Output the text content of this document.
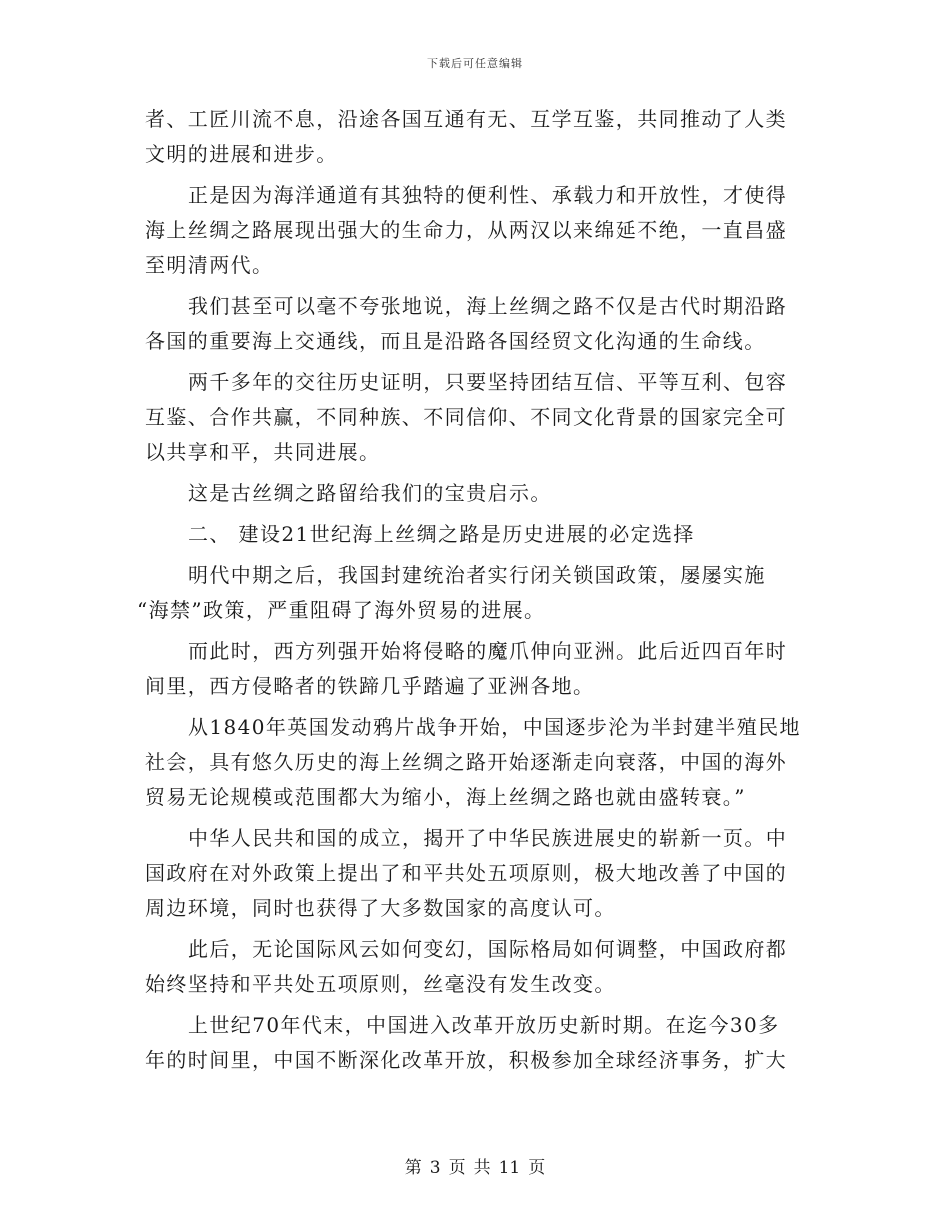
下载后可任意编辑
者、工匠川流不息，沿途各国互通有无、互学互鉴，共同推动了人类
文明的进展和进步。
正是因为海洋通道有其独特的便利性、承载力和开放性，才使得
海上丝绸之路展现出强大的生命力，从两汉以来绵延不绝，一直昌盛
至明清两代。
我们甚至可以毫不夸张地说，海上丝绸之路不仅是古代时期沿路
各国的重要海上交通线，而且是沿路各国经贸文化沟通的生命线。
两千多年的交往历史证明，只要坚持团结互信、平等互利、包容
互鉴、合作共赢，不同种族、不同信仰、不同文化背景的国家完全可
以共享和平，共同进展。
这是古丝绸之路留给我们的宝贵启示。
二、 建设21世纪海上丝绸之路是历史进展的必定选择
明代中期之后，我国封建统治者实行闭关锁国政策，屡屡实施
“海禁”政策，严重阻碍了海外贸易的进展。
而此时，西方列强开始将侵略的魔爪伸向亚洲。此后近四百年时
间里，西方侵略者的铁蹄几乎踏遍了亚洲各地。
从1840年英国发动鸦片战争开始，中国逐步沦为半封建半殖民地
社会，具有悠久历史的海上丝绸之路开始逐渐走向衰落，中国的海外
贸易无论规模或范围都大为缩小，海上丝绸之路也就由盛转衰。”
中华人民共和国的成立，揭开了中华民族进展史的崭新一页。中
国政府在对外政策上提出了和平共处五项原则，极大地改善了中国的
周边环境，同时也获得了大多数国家的高度认可。
此后，无论国际风云如何变幻，国际格局如何调整，中国政府都
始终坚持和平共处五项原则，丝毫没有发生改变。
上世纪70年代末，中国进入改革开放历史新时期。在迄今30多
年的时间里，中国不断深化改革开放，积极参加全球经济事务，扩大
第 3 页 共 11 页
